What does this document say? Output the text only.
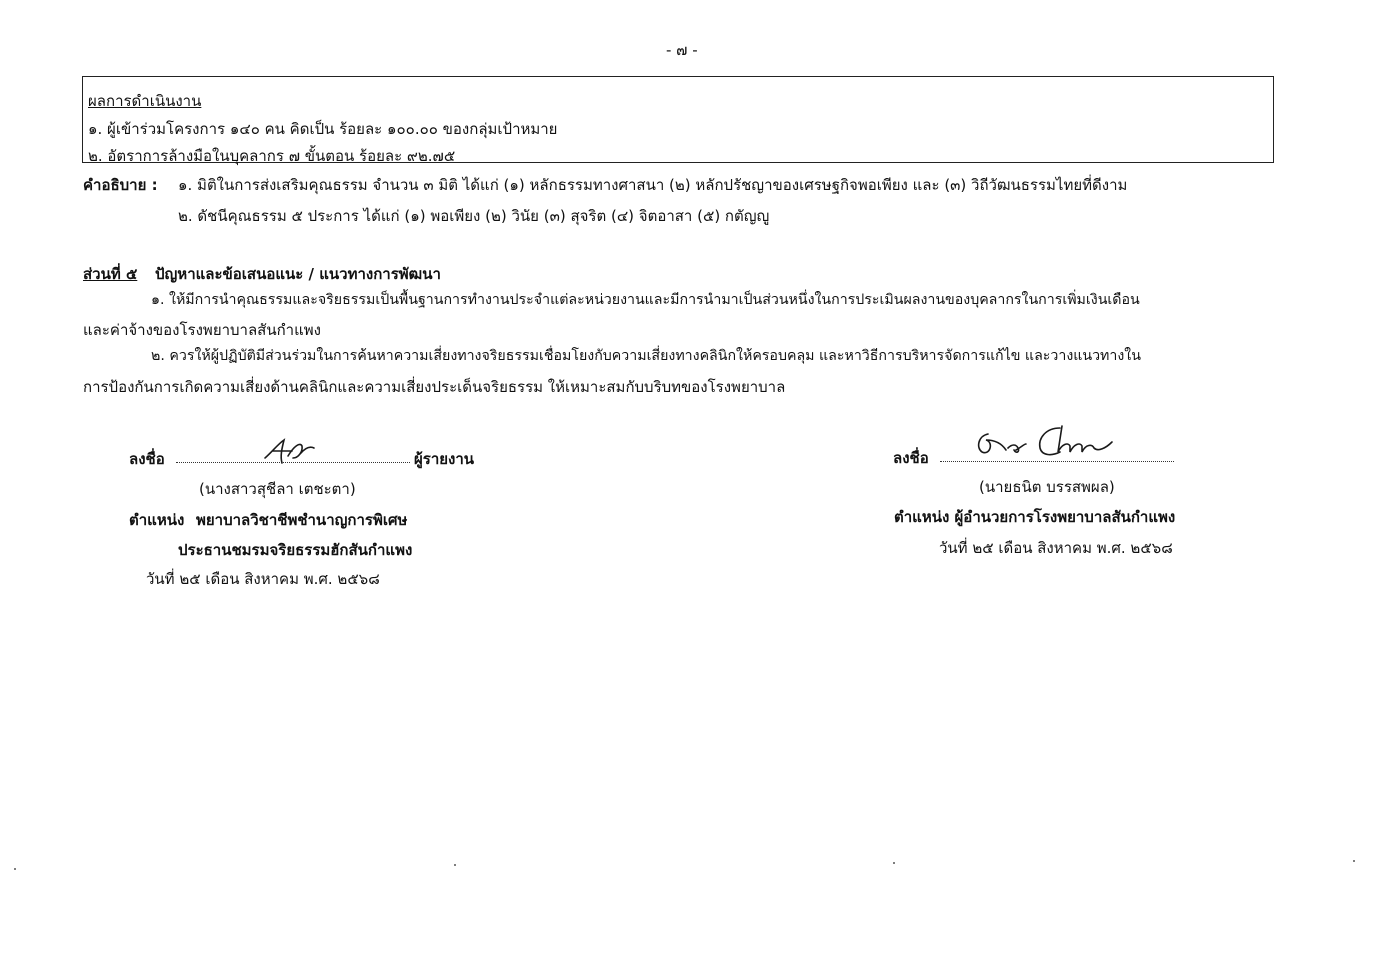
- ๗ -
ผลการดำเนินงาน
๑. ผู้เข้าร่วมโครงการ ๑๔๐ คน คิดเป็น ร้อยละ ๑๐๐.๐๐ ของกลุ่มเป้าหมาย
๒. อัตราการล้างมือในบุคลากร ๗ ขั้นตอน ร้อยละ ๙๒.๗๕
คำอธิบาย : ๑. มิติในการส่งเสริมคุณธรรม จำนวน ๓ มิติ ได้แก่ (๑) หลักธรรมทางศาสนา (๒) หลักปรัชญาของเศรษฐกิจพอเพียง และ (๓) วิถีวัฒนธรรมไทยที่ดีงาม
๒. ดัชนีคุณธรรม ๕ ประการ ได้แก่ (๑) พอเพียง (๒) วินัย (๓) สุจริต (๔) จิตอาสา (๕) กตัญญู
ส่วนที่ ๕ ปัญหาและข้อเสนอแนะ / แนวทางการพัฒนา
๑. ให้มีการนำคุณธรรมและจริยธรรมเป็นพื้นฐานการทำงานประจำแต่ละหน่วยงานและมีการนำมาเป็นส่วนหนึ่งในการประเมินผลงานของบุคลากรในการเพิ่มเงินเดือน
และค่าจ้างของโรงพยาบาลสันกำแพง
๒. ควรให้ผู้ปฏิบัติมีส่วนร่วมในการค้นหาความเสี่ยงทางจริยธรรมเชื่อมโยงกับความเสี่ยงทางคลินิกให้ครอบคลุม และหาวิธีการบริหารจัดการแก้ไข และวางแนวทางใน
การป้องกันการเกิดความเสี่ยงด้านคลินิกและความเสี่ยงประเด็นจริยธรรม ให้เหมาะสมกับบริบทของโรงพยาบาล
ลงชื่อ	ผู้รายงาน
(นางสาวสุชีลา เตชะตา)
ตำแหน่ง พยาบาลวิชาชีพชำนาญการพิเศษ
ประธานชมรมจริยธรรมฮักสันกำแพง
วันที่ ๒๕ เดือน สิงหาคม พ.ศ. ๒๕๖๘
ลงชื่อ
(นายธนิต บรรสพผล)
ตำแหน่ง ผู้อำนวยการโรงพยาบาลสันกำแพง
วันที่ ๒๕ เดือน สิงหาคม พ.ศ. ๒๕๖๘
